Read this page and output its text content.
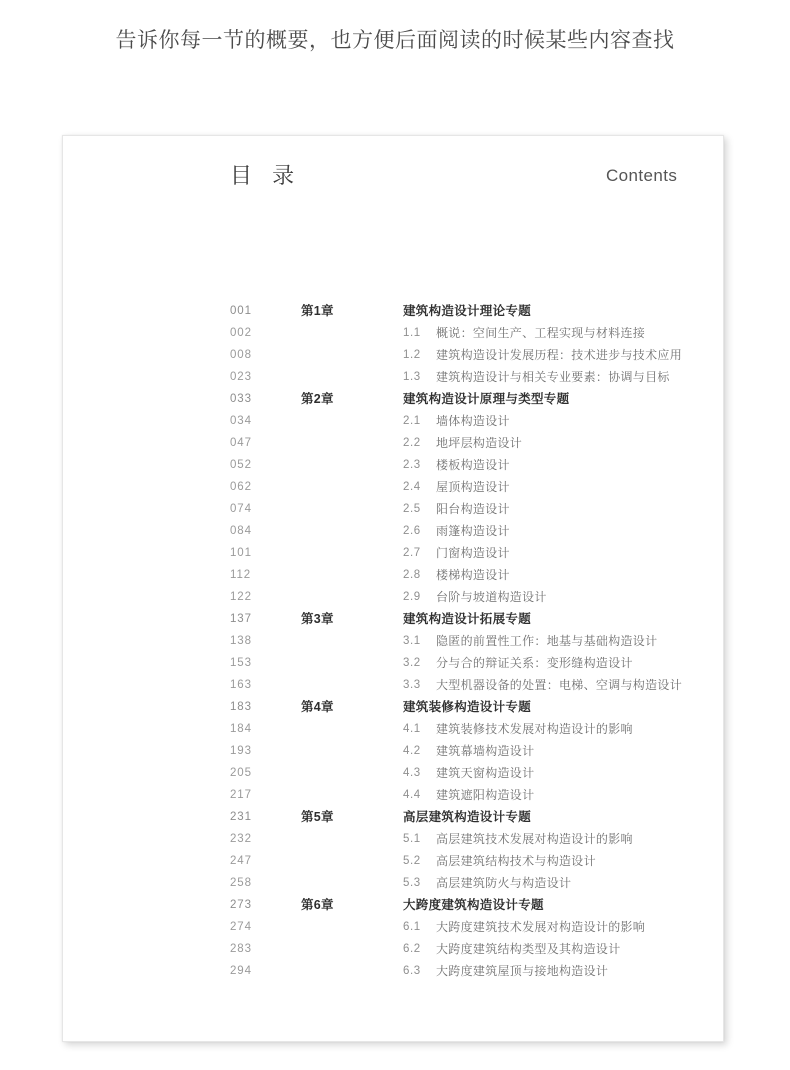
告诉你每一节的概要，也方便后面阅读的时候某些内容查找
目 录	Contents
001	第1章	建筑构造设计理论专题
002	1.1	概说：空间生产、工程实现与材料连接
008	1.2	建筑构造设计发展历程：技术进步与技术应用
023	1.3	建筑构造设计与相关专业要素：协调与目标
033	第2章	建筑构造设计原理与类型专题
034	2.1	墙体构造设计
047	2.2	地坪层构造设计
052	2.3	楼板构造设计
062	2.4	屋顶构造设计
074	2.5	阳台构造设计
084	2.6	雨篷构造设计
101	2.7	门窗构造设计
112	2.8	楼梯构造设计
122	2.9	台阶与坡道构造设计
137	第3章	建筑构造设计拓展专题
138	3.1	隐匿的前置性工作：地基与基础构造设计
153	3.2	分与合的辩证关系：变形缝构造设计
163	3.3	大型机器设备的处置：电梯、空调与构造设计
183	第4章	建筑装修构造设计专题
184	4.1	建筑装修技术发展对构造设计的影响
193	4.2	建筑幕墙构造设计
205	4.3	建筑天窗构造设计
217	4.4	建筑遮阳构造设计
231	第5章	高层建筑构造设计专题
232	5.1	高层建筑技术发展对构造设计的影响
247	5.2	高层建筑结构技术与构造设计
258	5.3	高层建筑防火与构造设计
273	第6章	大跨度建筑构造设计专题
274	6.1	大跨度建筑技术发展对构造设计的影响
283	6.2	大跨度建筑结构类型及其构造设计
294	6.3	大跨度建筑屋顶与接地构造设计
